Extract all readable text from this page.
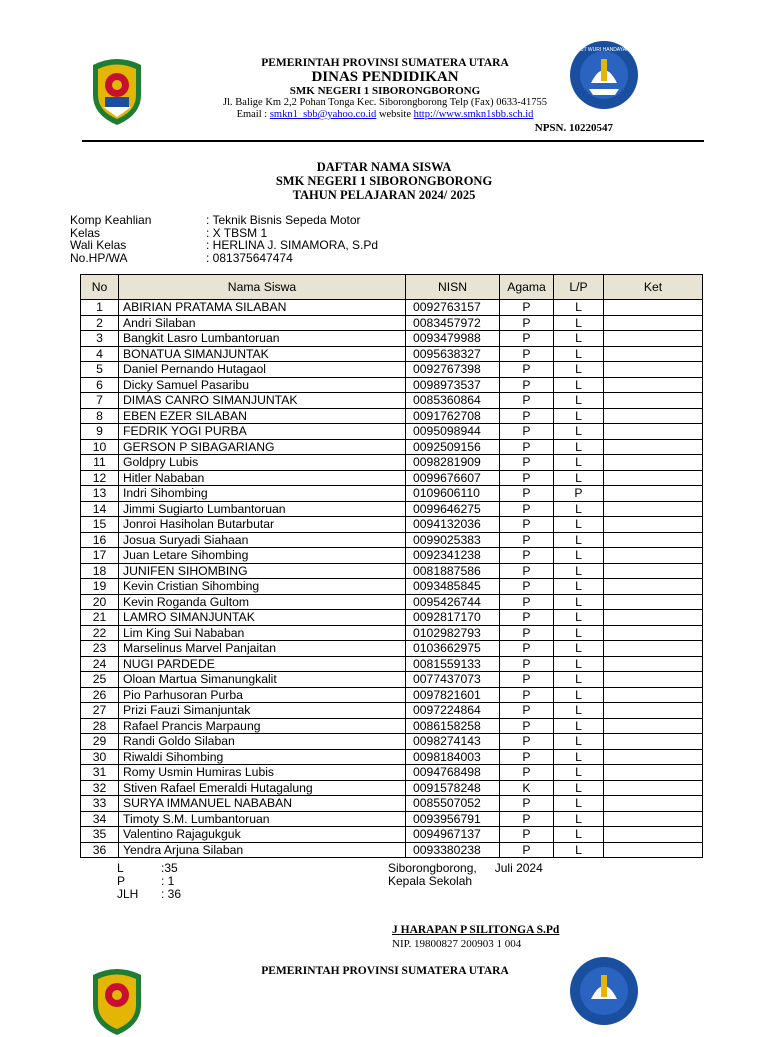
PEMERINTAH PROVINSI SUMATERA UTARA
DINAS PENDIDIKAN
SMK NEGERI 1 SIBORONGBORONG
Jl. Balige Km 2,2 Pohan Tonga Kec. Siborongborong Telp (Fax) 0633-41755
Email : smkn1_sbb@yahoo.co.id website http://www.smkn1sbb.sch.id
NPSN. 10220547
TUT WURI HANDAYANI
DAFTAR NAMA SISWA
SMK NEGERI 1 SIBORONGBORONG
TAHUN PELAJARAN 2024/ 2025
Komp Keahlian	: Teknik Bisnis Sepeda Motor
Kelas	: X TBSM 1
Wali Kelas	: HERLINA J. SIMAMORA, S.Pd
No.HP/WA	: 081375647474
No	Nama Siswa	NISN	Agama	L/P	Ket
1	ABIRIAN PRATAMA SILABAN	0092763157	P	L	
2	Andri Silaban	0083457972	P	L	
3	Bangkit Lasro Lumbantoruan	0093479988	P	L	
4	BONATUA SIMANJUNTAK	0095638327	P	L	
5	Daniel Pernando Hutagaol	0092767398	P	L	
6	Dicky Samuel Pasaribu	0098973537	P	L	
7	DIMAS CANRO SIMANJUNTAK	0085360864	P	L	
8	EBEN EZER SILABAN	0091762708	P	L	
9	FEDRIK YOGI PURBA	0095098944	P	L	
10	GERSON P SIBAGARIANG	0092509156	P	L	
11	Goldpry Lubis	0098281909	P	L	
12	Hitler Nababan	0099676607	P	L	
13	Indri Sihombing	0109606110	P	P	
14	Jimmi Sugiarto Lumbantoruan	0099646275	P	L	
15	Jonroi Hasiholan Butarbutar	0094132036	P	L	
16	Josua Suryadi Siahaan	0099025383	P	L	
17	Juan Letare Sihombing	0092341238	P	L	
18	JUNIFEN SIHOMBING	0081887586	P	L	
19	Kevin Cristian Sihombing	0093485845	P	L	
20	Kevin Roganda Gultom	0095426744	P	L	
21	LAMRO SIMANJUNTAK	0092817170	P	L	
22	Lim King Sui Nababan	0102982793	P	L	
23	Marselinus Marvel Panjaitan	0103662975	P	L	
24	NUGI PARDEDE	0081559133	P	L	
25	Oloan Martua Simanungkalit	0077437073	P	L	
26	Pio Parhusoran Purba	0097821601	P	L	
27	Prizi Fauzi Simanjuntak	0097224864	P	L	
28	Rafael Prancis Marpaung	0086158258	P	L	
29	Randi Goldo Silaban	0098274143	P	L	
30	Riwaldi Sihombing	0098184003	P	L	
31	Romy Usmin Humiras Lubis	0094768498	P	L	
32	Stiven Rafael Emeraldi Hutagalung	0091578248	K	L	
33	SURYA IMMANUEL NABABAN	0085507052	P	L	
34	Timoty S.M. Lumbantoruan	0093956791	P	L	
35	Valentino Rajagukguk	0094967137	P	L	
36	Yendra Arjuna Silaban	0093380238	P	L	
L	:35
P	: 1
JLH	: 36
Siborongborong, Juli 2024
Kepala Sekolah
J HARAPAN P SILITONGA S.Pd
NIP. 19800827 200903 1 004
PEMERINTAH PROVINSI SUMATERA UTARA
